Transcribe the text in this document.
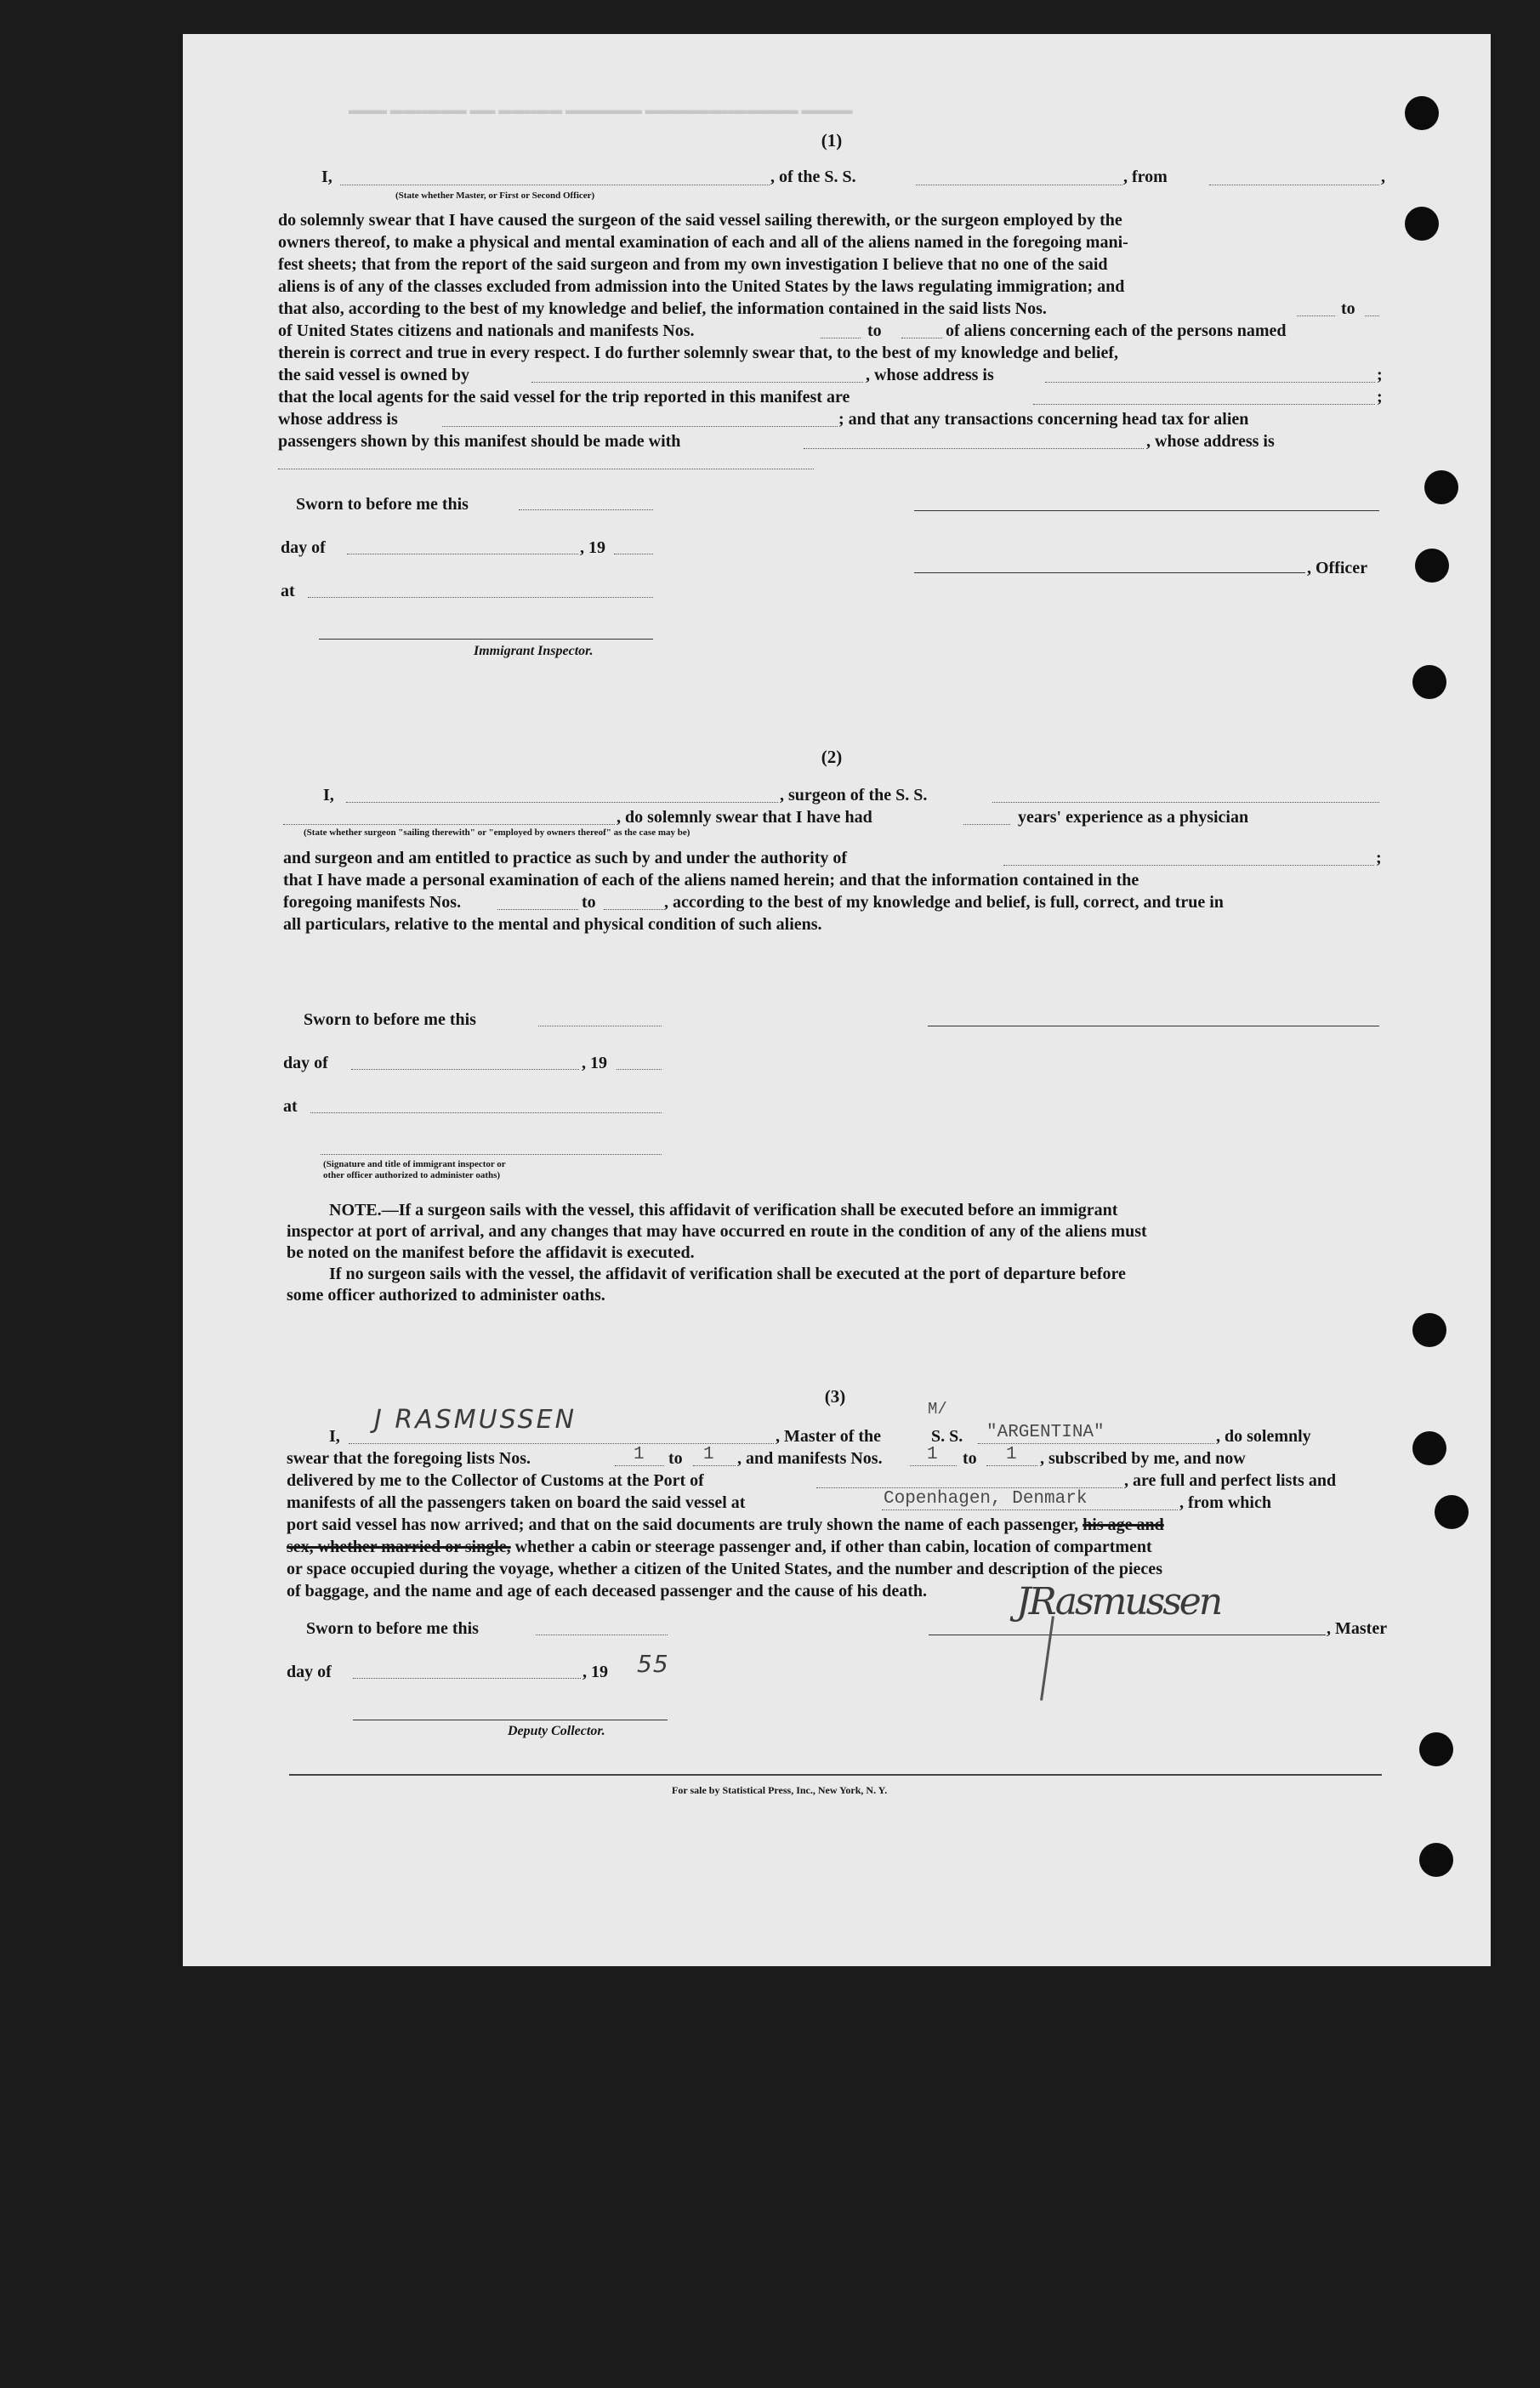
▬▬▬ ▬▬▬▬▬▬ ▬▬ ▬▬▬▬▬ ▬▬▬▬▬▬ ▬▬▬▬▬▬▬▬▬▬▬▬ ▬▬▬▬
(1)
I,	, of the S. S.	, from	,
(State whether Master, or First or Second Officer)
do solemnly swear that I have caused the surgeon of the said vessel sailing therewith, or the surgeon employed by the
owners thereof, to make a physical and mental examination of each and all of the aliens named in the foregoing mani-
fest sheets; that from the report of the said surgeon and from my own investigation I believe that no one of the said
aliens is of any of the classes excluded from admission into the United States by the laws regulating immigration; and
that also, according to the best of my knowledge and belief, the information contained in the said lists Nos.	to
of United States citizens and nationals and manifests Nos.	to	of aliens concerning each of the persons named
therein is correct and true in every respect. I do further solemnly swear that, to the best of my knowledge and belief,
the said vessel is owned by	, whose address is	;
that the local agents for the said vessel for the trip reported in this manifest are	;
whose address is	; and that any transactions concerning head tax for alien
passengers shown by this manifest should be made with	, whose address is
Sworn to before me this
day of	, 19
, Officer
at
Immigrant Inspector.
(2)
I,	, surgeon of the S. S.
, do solemnly swear that I have had	years' experience as a physician
(State whether surgeon "sailing therewith" or "employed by owners thereof" as the case may be)
and surgeon and am entitled to practice as such by and under the authority of	;
that I have made a personal examination of each of the aliens named herein; and that the information contained in the
foregoing manifests Nos.	to	, according to the best of my knowledge and belief, is full, correct, and true in
all particulars, relative to the mental and physical condition of such aliens.
Sworn to before me this
day of	, 19
at
(Signature and title of immigrant inspector or
other officer authorized to administer oaths)
NOTE.—If a surgeon sails with the vessel, this affidavit of verification shall be executed before an immigrant
inspector at port of arrival, and any changes that may have occurred en route in the condition of any of the aliens must
be noted on the manifest before the affidavit is executed.
If no surgeon sails with the vessel, the affidavit of verification shall be executed at the port of departure before
some officer authorized to administer oaths.
(3)
I,
J RASMUSSEN
, Master of the	S. S.
M/
"ARGENTINA"	, do solemnly
swear that the foregoing lists Nos.	1 to 1 , and manifests Nos. 1 to 1 , subscribed by me, and now
delivered by me to the Collector of Customs at the Port of	, are full and perfect lists and
manifests of all the passengers taken on board the said vessel at	Copenhagen, Denmark	, from which
port said vessel has now arrived; and that on the said documents are truly shown the name of each passenger, his age and
sex, whether married or single, whether a cabin or steerage passenger and, if other than cabin, location of compartment
or space occupied during the voyage, whether a citizen of the United States, and the number and description of the pieces
of baggage, and the name and age of each deceased passenger and the cause of his death.
Sworn to before me this
JRasmussen
, Master
day of	, 19 55
Deputy Collector.
For sale by Statistical Press, Inc., New York, N. Y.
